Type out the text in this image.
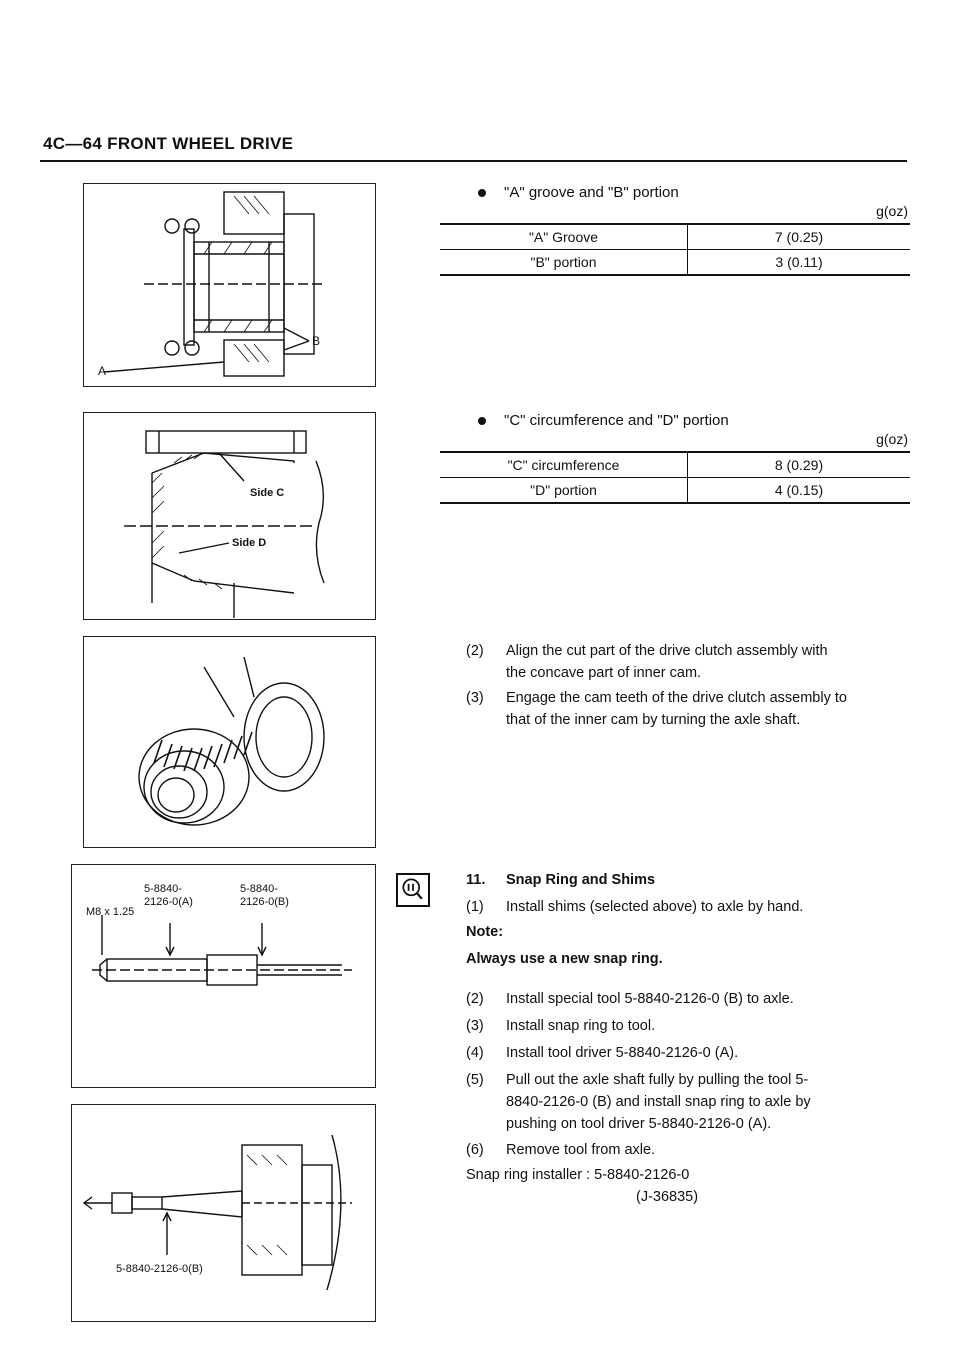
4C—64 FRONT WHEEL DRIVE
A
B
Side C
Side D
M8 x 1.25
5-8840-
2126-0(A)
5-8840-
2126-0(B)
5-8840-2126-0(B)
"A" groove and "B" portion
g(oz)
"A" Groove	7 (0.25)
"B" portion	3 (0.11)
"C" circumference and "D" portion
g(oz)
"C" circumference	8 (0.29)
"D" portion	4 (0.15)
(2) Align the cut part of the drive clutch assembly with
the concave part of inner cam.
(3) Engage the cam teeth of the drive clutch assembly to
that of the inner cam by turning the axle shaft.
11. Snap Ring and Shims
(1) Install shims (selected above) to axle by hand.
Note:
Always use a new snap ring.
(2) Install special tool 5-8840-2126-0 (B) to axle.
(3) Install snap ring to tool.
(4) Install tool driver 5-8840-2126-0 (A).
(5) Pull out the axle shaft fully by pulling the tool 5-
8840-2126-0 (B) and install snap ring to axle by
pushing on tool driver 5-8840-2126-0 (A).
(6) Remove tool from axle.
Snap ring installer : 5-8840-2126-0
(J-36835)
